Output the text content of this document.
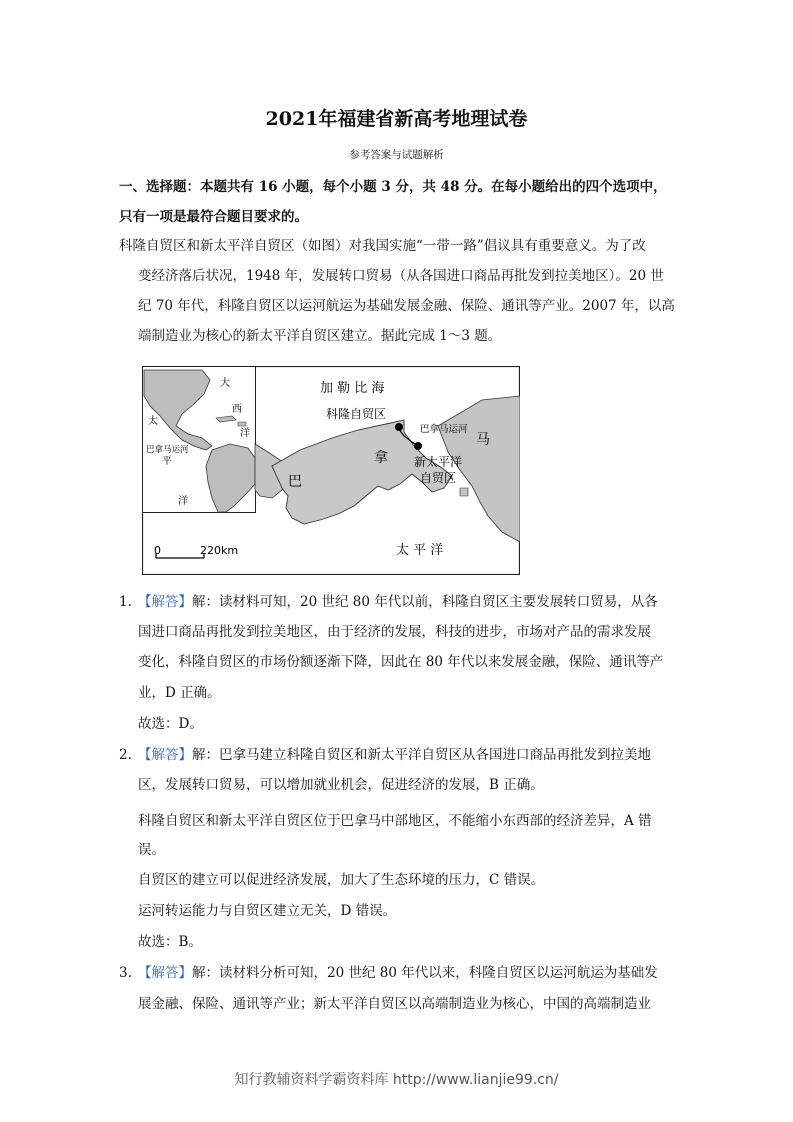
2021年福建省新高考地理试卷
参考答案与试题解析
一、选择题：本题共有 16 小题，每个小题 3 分，共 48 分。在每小题给出的四个选项中，
只有一项是最符合题目要求的。
科隆自贸区和新太平洋自贸区（如图）对我国实施“一带一路”倡议具有重要意义。为了改
变经济落后状况，1948 年，发展转口贸易（从各国进口商品再批发到拉美地区）。20 世
纪 70 年代，科隆自贸区以运河航运为基础发展金融、保险、通讯等产业。2007 年，以高
端制造业为核心的新太平洋自贸区建立。据此完成 1～3 题。
大
西
洋
太
平
洋
巴拿马运河
加 勒 比 海
科隆自贸区
巴拿马运河
新太平洋
自贸区
巴
拿
马
太 平 洋
0	220km
1. 【解答】解：读材料可知，20 世纪 80 年代以前，科隆自贸区主要发展转口贸易，从各
国进口商品再批发到拉美地区，由于经济的发展，科技的进步，市场对产品的需求发展
变化，科隆自贸区的市场份额逐渐下降，因此在 80 年代以来发展金融，保险、通讯等产
业，D 正确。
故选：D。
2. 【解答】解：巴拿马建立科隆自贸区和新太平洋自贸区从各国进口商品再批发到拉美地
区，发展转口贸易，可以增加就业机会，促进经济的发展，B 正确。
科隆自贸区和新太平洋自贸区位于巴拿马中部地区，不能缩小东西部的经济差异，A 错
误。
自贸区的建立可以促进经济发展，加大了生态环境的压力，C 错误。
运河转运能力与自贸区建立无关，D 错误。
故选：B。
3. 【解答】解：读材料分析可知，20 世纪 80 年代以来，科隆自贸区以运河航运为基础发
展金融、保险、通讯等产业；新太平洋自贸区以高端制造业为核心，中国的高端制造业
知行教辅资料学霸资料库 http://www.lianjie99.cn/
